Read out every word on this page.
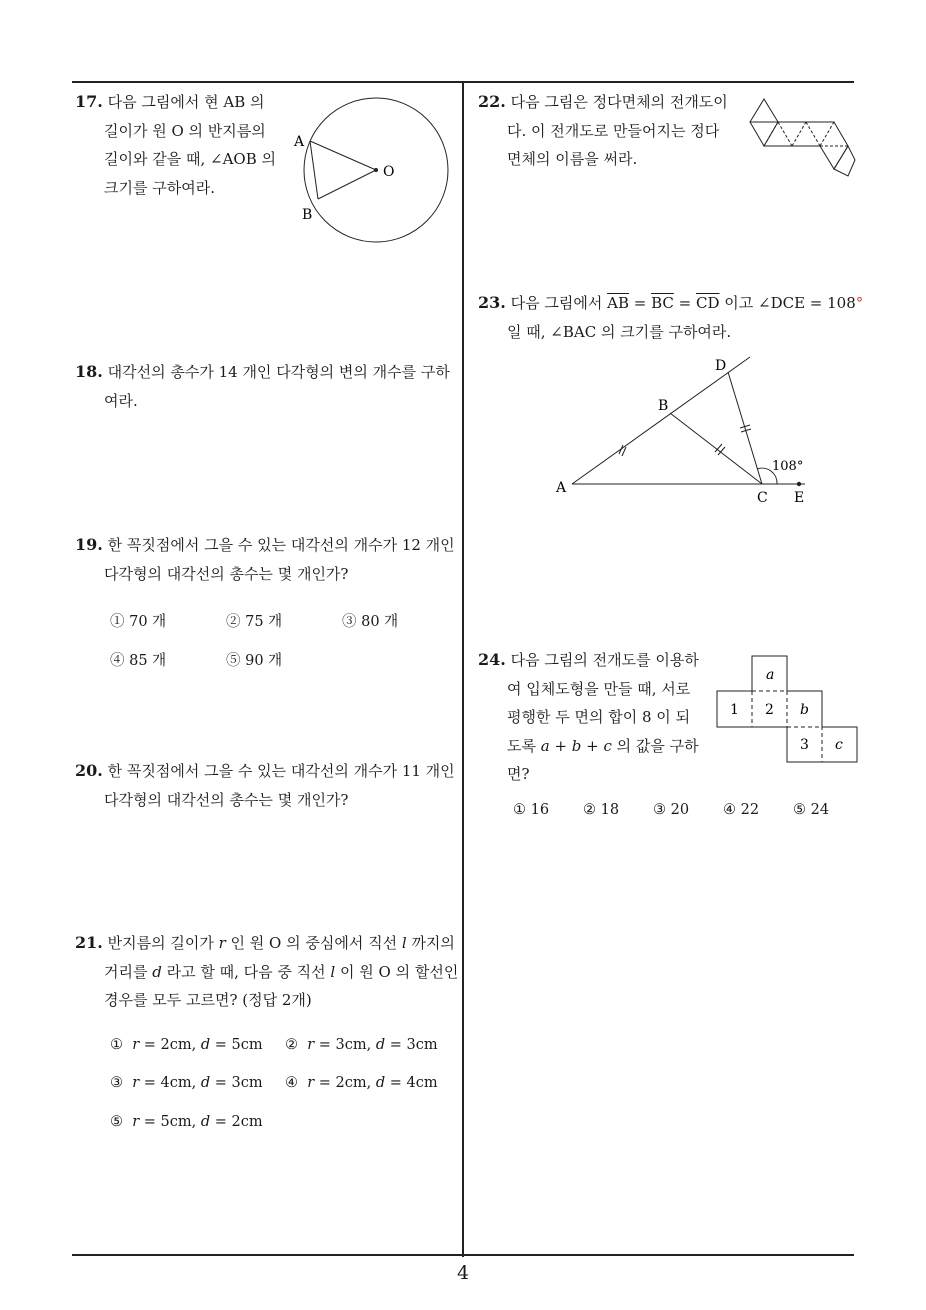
17. 다음 그림에서 현 AB 의
길이가 원 O 의 반지름의
길이와 같을 때, ∠AOB 의
크기를 구하여라.
A
B
O
18. 대각선의 총수가 14 개인 다각형의 변의 개수를 구하
여라.
19. 한 꼭짓점에서 그을 수 있는 대각선의 개수가 12 개인
다각형의 대각선의 총수는 몇 개인가?
① 70 개	② 75 개	③ 80 개
④ 85 개	⑤ 90 개
20. 한 꼭짓점에서 그을 수 있는 대각선의 개수가 11 개인
다각형의 대각선의 총수는 몇 개인가?
21. 반지름의 길이가 r 인 원 O 의 중심에서 직선 l 까지의
거리를 d 라고 할 때, 다음 중 직선 l 이 원 O 의 할선인
경우를 모두 고르면? (정답 2개)
① r = 2cm, d = 5cm ② r = 3cm, d = 3cm
③ r = 4cm, d = 3cm ④ r = 2cm, d = 4cm
⑤ r = 5cm, d = 2cm
22. 다음 그림은 정다면체의 전개도이
다. 이 전개도로 만들어지는 정다
면체의 이름을 써라.
23. 다음 그림에서 $\overline{AB} = \overline{BC} = \overline{CD}$ 이고 ∠DCE = 108°
일 때, ∠BAC 의 크기를 구하여라.
A
B
C
D
E
108°
24. 다음 그림의 전개도를 이용하
여 입체도형을 만들 때, 서로
평행한 두 면의 합이 8 이 되
도록 a + b + c 의 값을 구하
면?
a
1 2 b
3 c
① 16 ② 18 ③ 20 ④ 22 ⑤ 24
4
